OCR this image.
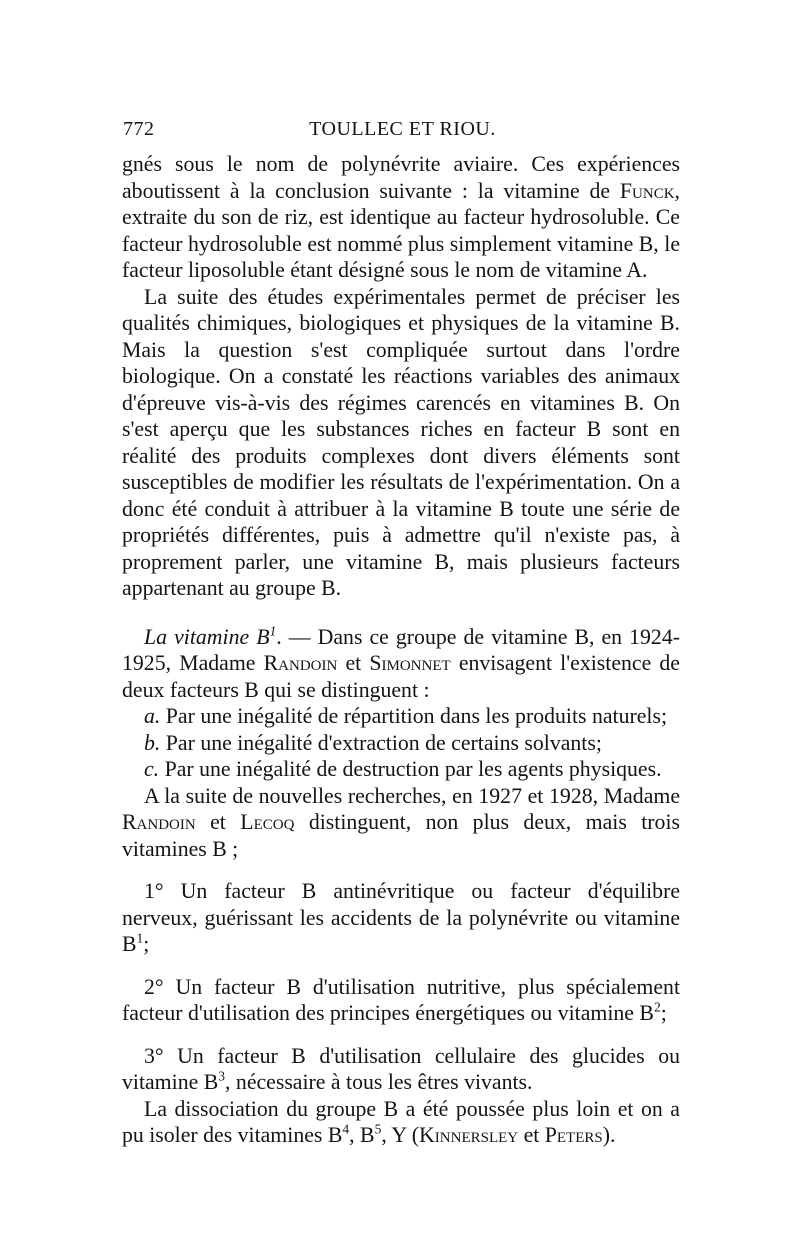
772	TOULLEC ET RIOU.

gnés sous le nom de polynévrite aviaire. Ces expériences aboutissent à la conclusion suivante : la vitamine de Funck, extraite du son de riz, est identique au facteur hydrosoluble. Ce facteur hydrosoluble est nommé plus simplement vitamine B, le facteur liposoluble étant désigné sous le nom de vitamine A.

La suite des études expérimentales permet de préciser les qualités chimiques, biologiques et physiques de la vitamine B. Mais la question s'est compliquée surtout dans l'ordre biologique. On a constaté les réactions variables des animaux d'épreuve vis-à-vis des régimes carencés en vitamines B. On s'est aperçu que les substances riches en facteur B sont en réalité des produits complexes dont divers éléments sont susceptibles de modifier les résultats de l'expérimentation. On a donc été conduit à attribuer à la vitamine B toute une série de propriétés différentes, puis à admettre qu'il n'existe pas, à proprement parler, une vitamine B, mais plusieurs facteurs appartenant au groupe B.

La vitamine $B^1$. — Dans ce groupe de vitamine B, en 1924-1925, Madame Randoin et Simonnet envisagent l'existence de deux facteurs B qui se distinguent :

a. Par une inégalité de répartition dans les produits naturels;

b. Par une inégalité d'extraction de certains solvants;

c. Par une inégalité de destruction par les agents physiques.

A la suite de nouvelles recherches, en 1927 et 1928, Madame Randoin et Lecoq distinguent, non plus deux, mais trois vitamines B ;

1° Un facteur B antinévritique ou facteur d'équilibre nerveux, guérissant les accidents de la polynévrite ou vitamine $B^1$;

2° Un facteur B d'utilisation nutritive, plus spécialement facteur d'utilisation des principes énergétiques ou vitamine $B^2$;

3° Un facteur B d'utilisation cellulaire des glucides ou vitamine $B^3$, nécessaire à tous les êtres vivants.

La dissociation du groupe B a été poussée plus loin et on a pu isoler des vitamines $B^4$, $B^5$, Y (Kinnersley et Peters).
